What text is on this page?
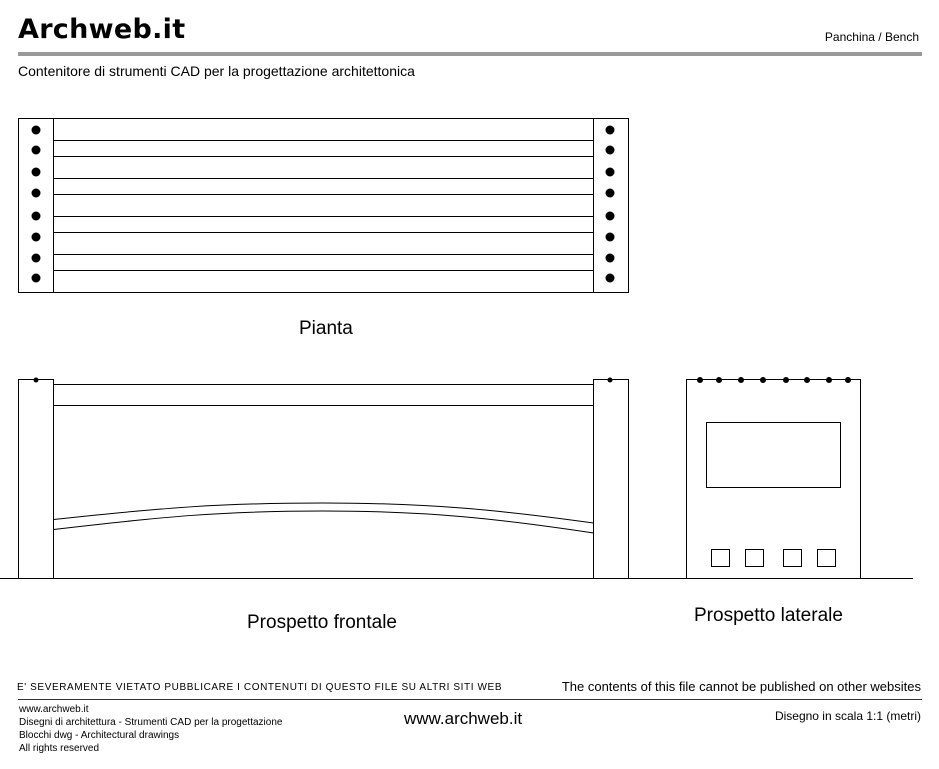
Archweb.it	Panchina / Bench
Contenitore di strumenti CAD per la progettazione architettonica
Pianta
Prospetto frontale	Prospetto laterale
E' SEVERAMENTE VIETATO PUBBLICARE I CONTENUTI DI QUESTO FILE SU ALTRI SITI WEB	The contents of this file cannot be published on other websites
www.archweb.it
Disegni di architettura - Strumenti CAD per la progettazione
Blocchi dwg - Architectural drawings
All rights reserved
www.archweb.it	Disegno in scala 1:1 (metri)
